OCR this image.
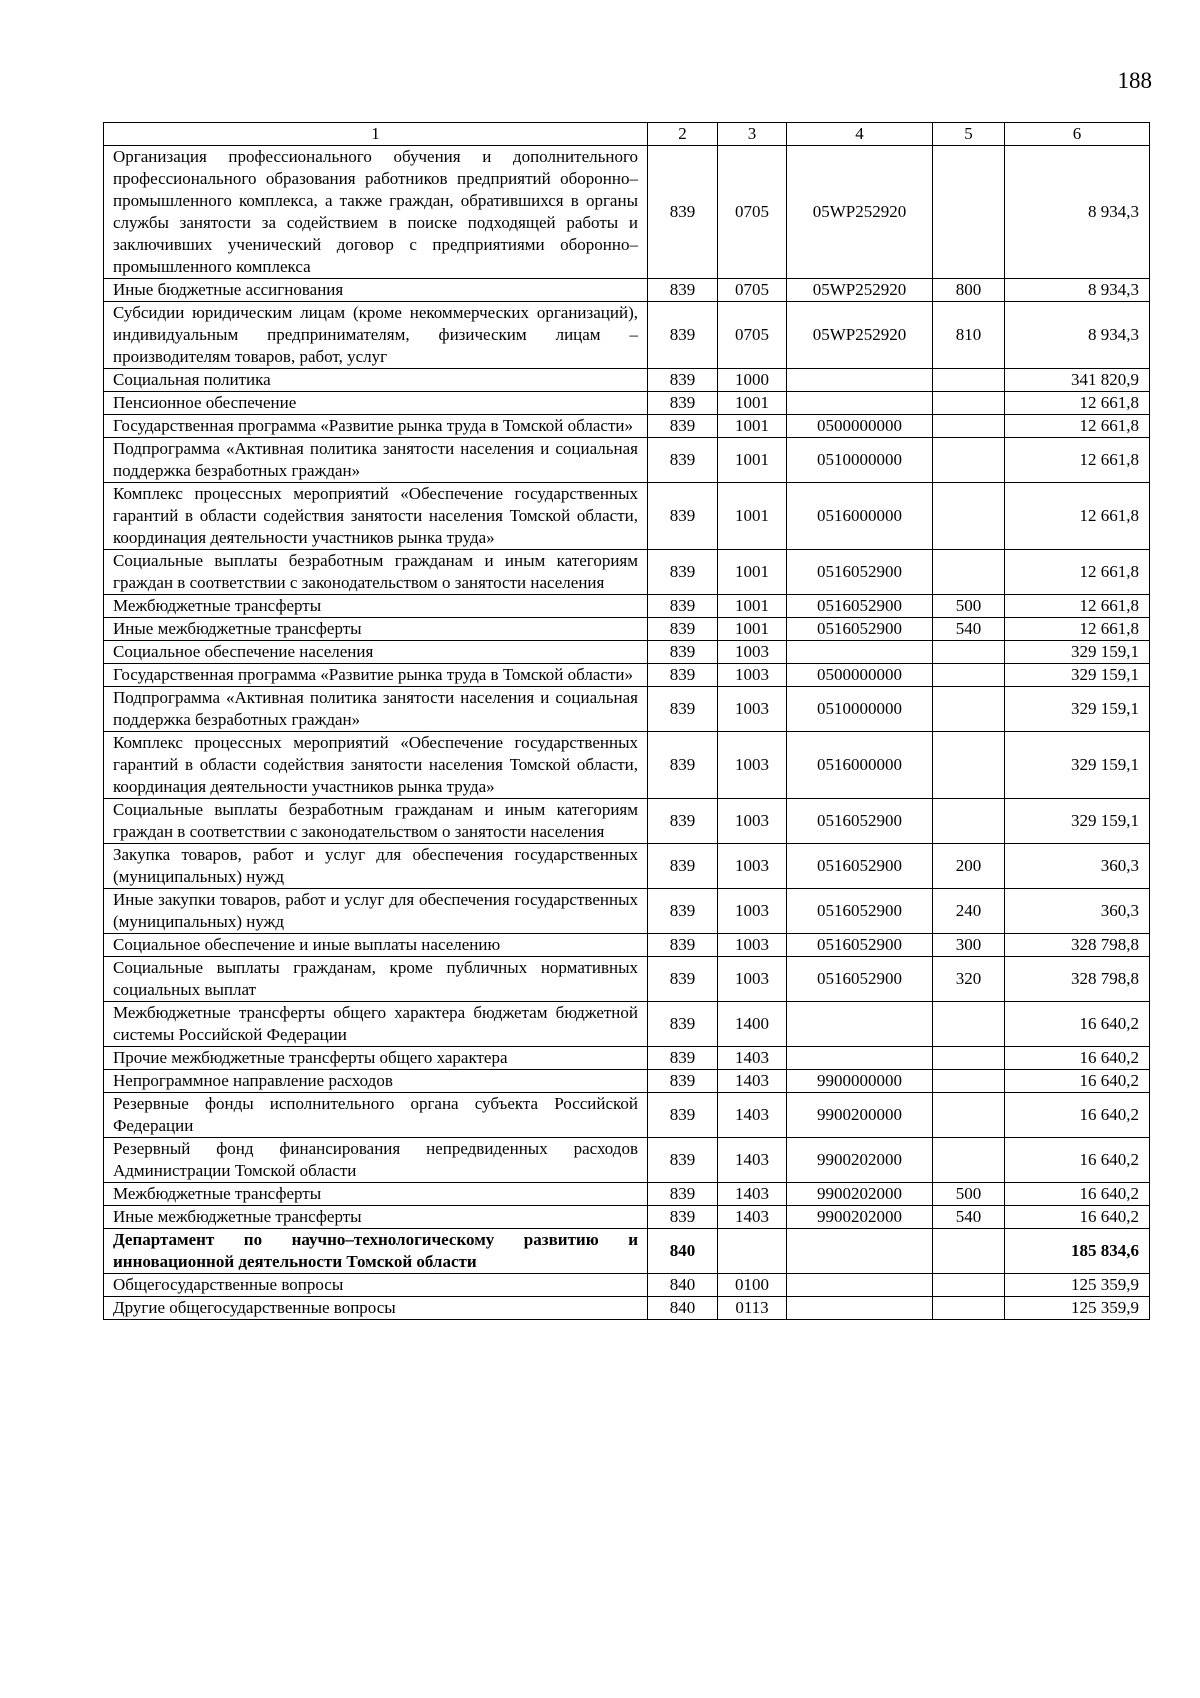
188
1	2	3	4	5	6
Организация профессионального обучения и дополнительного профессионального образования работников предприятий оборонно–промышленного комплекса, а также граждан, обратившихся в органы службы занятости за содействием в поиске подходящей работы и заключивших ученический договор с предприятиями оборонно–промышленного комплекса	839	0705	05WP252920		8 934,3
Иные бюджетные ассигнования	839	0705	05WP252920	800	8 934,3
Субсидии юридическим лицам (кроме некоммерческих организаций), индивидуальным предпринимателям, физическим лицам – производителям товаров, работ, услуг	839	0705	05WP252920	810	8 934,3
Социальная политика	839	1000			341 820,9
Пенсионное обеспечение	839	1001			12 661,8
Государственная программа «Развитие рынка труда в Томской области»	839	1001	0500000000		12 661,8
Подпрограмма «Активная политика занятости населения и социальная поддержка безработных граждан»	839	1001	0510000000		12 661,8
Комплекс процессных мероприятий «Обеспечение государственных гарантий в области содействия занятости населения Томской области, координация деятельности участников рынка труда»	839	1001	0516000000		12 661,8
Социальные выплаты безработным гражданам и иным категориям граждан в соответствии с законодательством о занятости населения	839	1001	0516052900		12 661,8
Межбюджетные трансферты	839	1001	0516052900	500	12 661,8
Иные межбюджетные трансферты	839	1001	0516052900	540	12 661,8
Социальное обеспечение населения	839	1003			329 159,1
Государственная программа «Развитие рынка труда в Томской области»	839	1003	0500000000		329 159,1
Подпрограмма «Активная политика занятости населения и социальная поддержка безработных граждан»	839	1003	0510000000		329 159,1
Комплекс процессных мероприятий «Обеспечение государственных гарантий в области содействия занятости населения Томской области, координация деятельности участников рынка труда»	839	1003	0516000000		329 159,1
Социальные выплаты безработным гражданам и иным категориям граждан в соответствии с законодательством о занятости населения	839	1003	0516052900		329 159,1
Закупка товаров, работ и услуг для обеспечения государственных (муниципальных) нужд	839	1003	0516052900	200	360,3
Иные закупки товаров, работ и услуг для обеспечения государственных (муниципальных) нужд	839	1003	0516052900	240	360,3
Социальное обеспечение и иные выплаты населению	839	1003	0516052900	300	328 798,8
Социальные выплаты гражданам, кроме публичных нормативных социальных выплат	839	1003	0516052900	320	328 798,8
Межбюджетные трансферты общего характера бюджетам бюджетной системы Российской Федерации	839	1400			16 640,2
Прочие межбюджетные трансферты общего характера	839	1403			16 640,2
Непрограммное направление расходов	839	1403	9900000000		16 640,2
Резервные фонды исполнительного органа субъекта Российской Федерации	839	1403	9900200000		16 640,2
Резервный фонд финансирования непредвиденных расходов Администрации Томской области	839	1403	9900202000		16 640,2
Межбюджетные трансферты	839	1403	9900202000	500	16 640,2
Иные межбюджетные трансферты	839	1403	9900202000	540	16 640,2
Департамент по научно–технологическому развитию и инновационной деятельности Томской области	840				185 834,6
Общегосударственные вопросы	840	0100			125 359,9
Другие общегосударственные вопросы	840	0113			125 359,9
